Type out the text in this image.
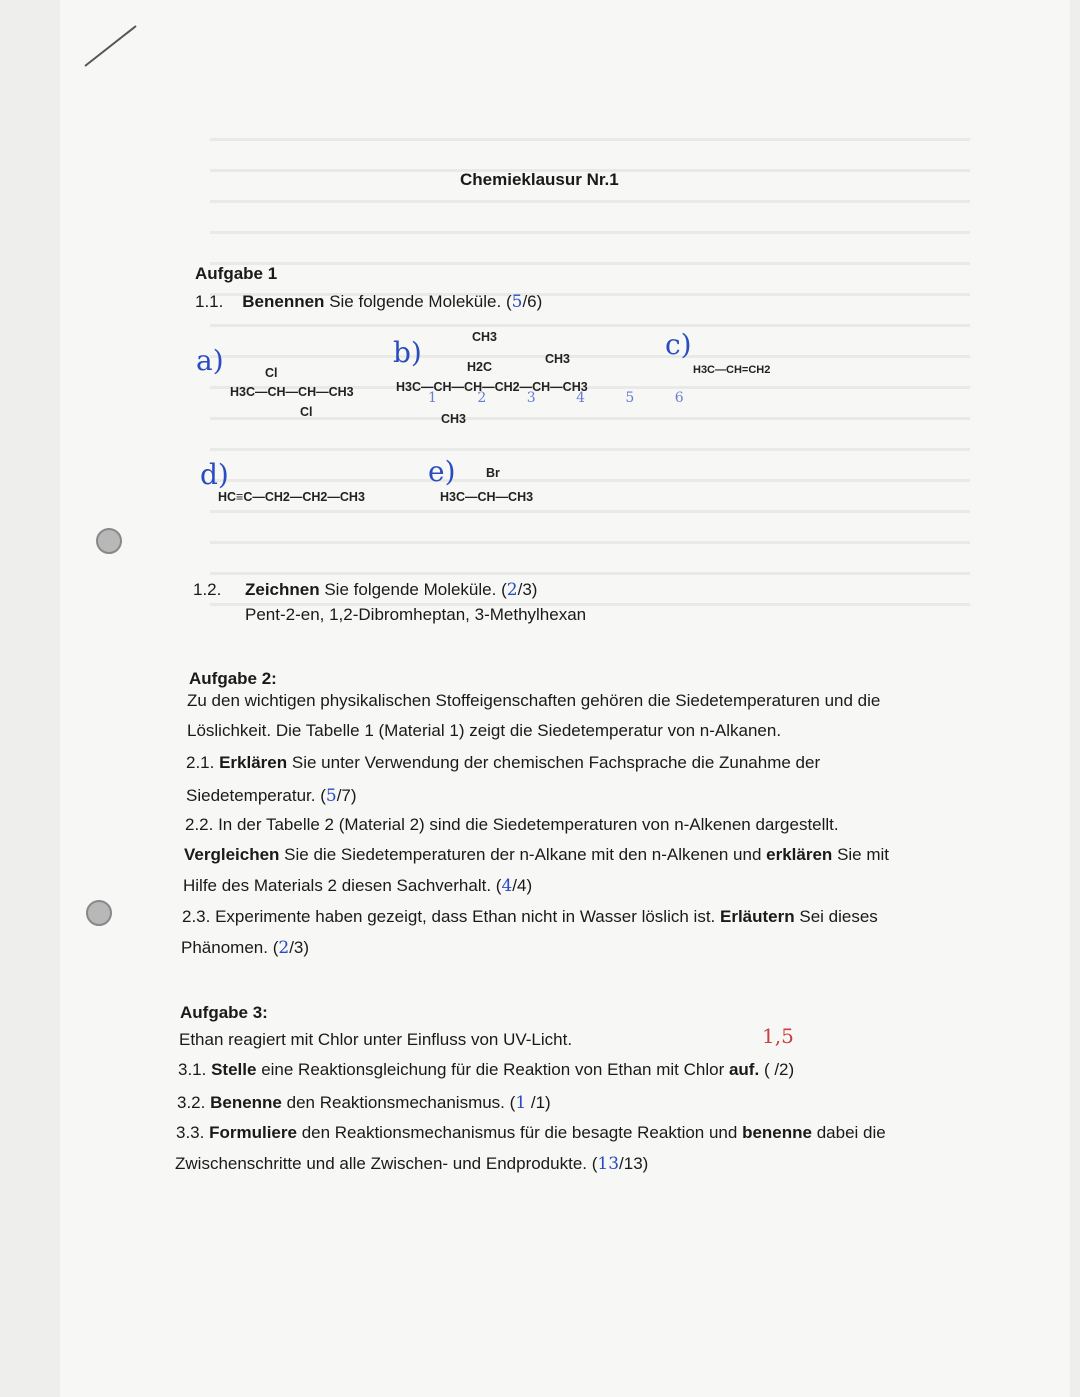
Chemieklausur Nr.1
Aufgabe 1
1.1. Benennen Sie folgende Moleküle. (5/6)
a)	Cl
H3C—CH—CH—CH3
Cl
b)	CH3
H2C
CH3
H3C—CH—CH—CH2—CH—CH3
1 2 3 4 5 6
CH3
c)
H3C—CH=CH2
d)
HC≡C—CH2—CH2—CH3
e) Br
H3C—CH—CH3
1.2. Zeichnen Sie folgende Moleküle. (2/3)
Pent-2-en, 1,2-Dibromheptan, 3-Methylhexan
Aufgabe 2:
Zu den wichtigen physikalischen Stoffeigenschaften gehören die Siedetemperaturen und die
Löslichkeit. Die Tabelle 1 (Material 1) zeigt die Siedetemperatur von n-Alkanen.
2.1. Erklären Sie unter Verwendung der chemischen Fachsprache die Zunahme der
Siedetemperatur. (5/7)
2.2. In der Tabelle 2 (Material 2) sind die Siedetemperaturen von n-Alkenen dargestellt.
Vergleichen Sie die Siedetemperaturen der n-Alkane mit den n-Alkenen und erklären Sie mit
Hilfe des Materials 2 diesen Sachverhalt. (4/4)
2.3. Experimente haben gezeigt, dass Ethan nicht in Wasser löslich ist. Erläutern Sei dieses
Phänomen. (2/3)
Aufgabe 3:
Ethan reagiert mit Chlor unter Einfluss von UV-Licht.	1,5
3.1. Stelle eine Reaktionsgleichung für die Reaktion von Ethan mit Chlor auf. ( /2)
3.2. Benenne den Reaktionsmechanismus. (1 /1)
3.3. Formuliere den Reaktionsmechanismus für die besagte Reaktion und benenne dabei die
Zwischenschritte und alle Zwischen- und Endprodukte. (13/13)
